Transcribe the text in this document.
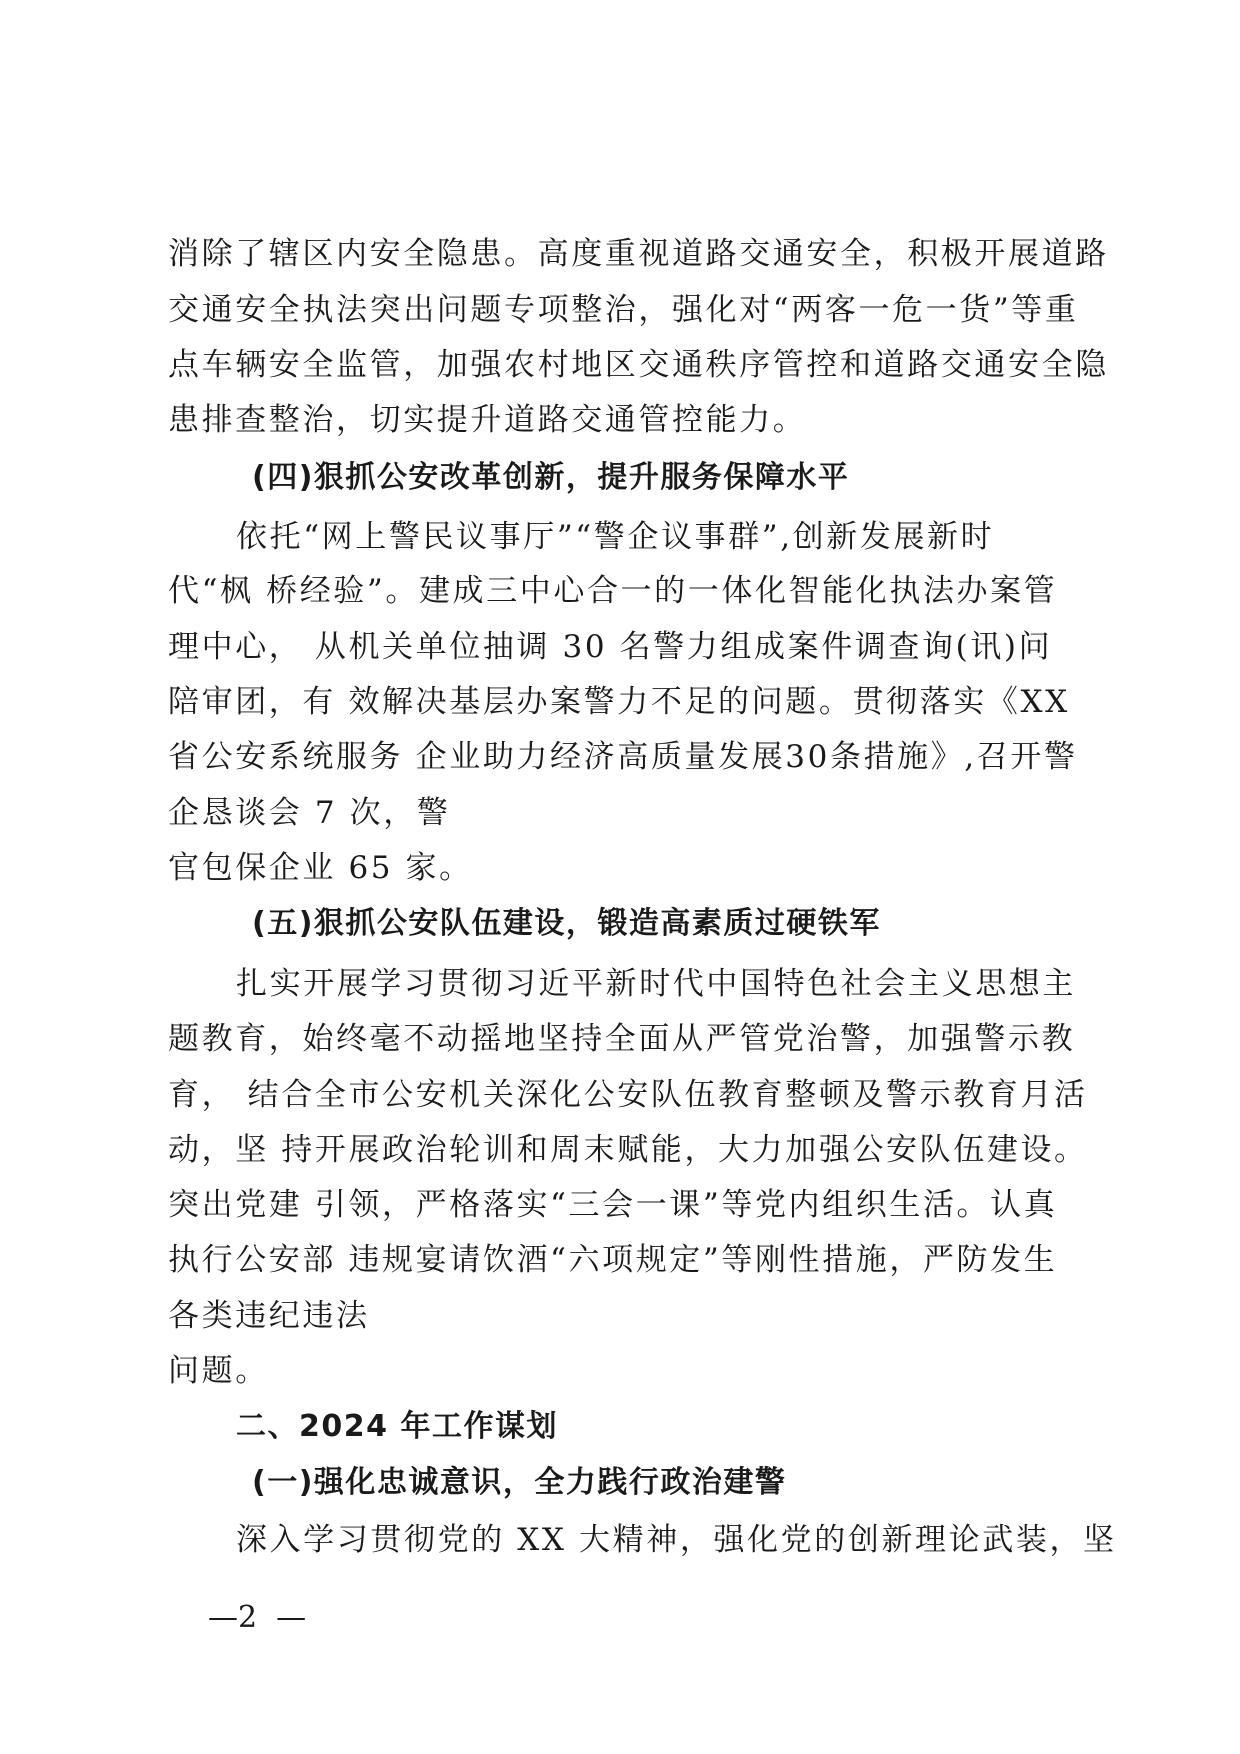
消除了辖区内安全隐患。高度重视道路交通安全，积极开展道路
交通安全执法突出问题专项整治，强化对“两客一危一货”等重
点车辆安全监管，加强农村地区交通秩序管控和道路交通安全隐
患排查整治，切实提升道路交通管控能力。
(四)狠抓公安改革创新，提升服务保障水平
依托“网上警民议事厅”“警企议事群”,创新发展新时
代“枫 桥经验”。建成三中心合一的一体化智能化执法办案管
理中心， 从机关单位抽调 30 名警力组成案件调查询(讯)问
陪审团，有 效解决基层办案警力不足的问题。贯彻落实《XX
省公安系统服务 企业助力经济高质量发展30条措施》,召开警
企恳谈会 7 次，警
官包保企业 65 家。
(五)狠抓公安队伍建设，锻造高素质过硬铁军
扎实开展学习贯彻习近平新时代中国特色社会主义思想主
题教育，始终毫不动摇地坚持全面从严管党治警，加强警示教
育， 结合全市公安机关深化公安队伍教育整顿及警示教育月活
动，坚 持开展政治轮训和周末赋能，大力加强公安队伍建设。
突出党建 引领，严格落实“三会一课”等党内组织生活。认真
执行公安部 违规宴请饮酒“六项规定”等刚性措施，严防发生
各类违纪违法
问题。
二、2024 年工作谋划
(一)强化忠诚意识，全力践行政治建警
深入学习贯彻党的 XX 大精神，强化党的创新理论武装，坚
—2  —
